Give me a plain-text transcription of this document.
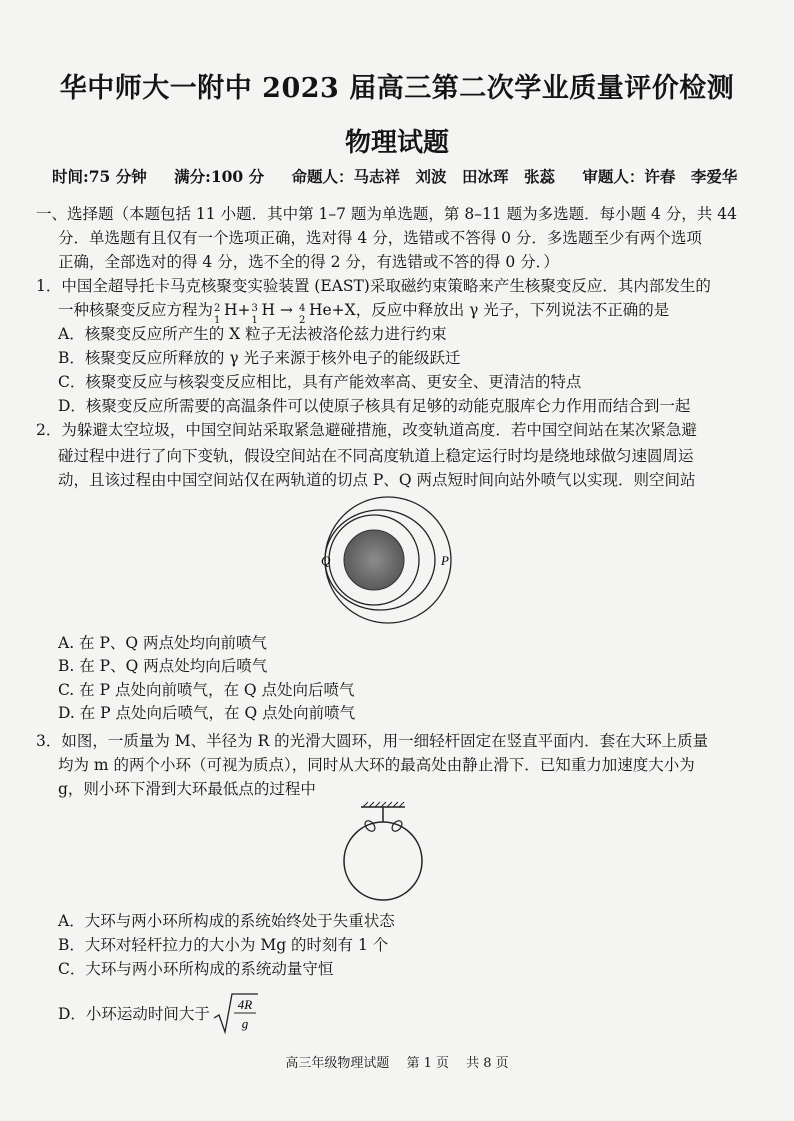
华中师大一附中 2023 届高三第二次学业质量评价检测
物理试题
时间:75 分钟 满分:100 分 命题人：马志祥　刘波　田冰珲　张蕊 审题人：许春　李爱华
一、选择题（本题包括 11 小题．其中第 1–7 题为单选题，第 8–11 题为多选题．每小题 4 分，共 44
分．单选题有且仅有一个选项正确，选对得 4 分，选错或不答得 0 分．多选题至少有两个选项
正确，全部选对的得 4 分，选不全的得 2 分，有选错或不答的得 0 分．）
1．中国全超导托卡马克核聚变实验装置 (EAST)采取磁约束策略来产生核聚变反应．其内部发生的
一种核聚变反应方程为 2
1
H+ 3
1
H → 4
2
He+X，反应中释放出 γ 光子，下列说法不正确的是
A．核聚变反应所产生的 X 粒子无法被洛伦兹力进行约束
B．核聚变反应所释放的 γ 光子来源于核外电子的能级跃迁
C．核聚变反应与核裂变反应相比，具有产能效率高、更安全、更清洁的特点
D．核聚变反应所需要的高温条件可以使原子核具有足够的动能克服库仑力作用而结合到一起
2．为躲避太空垃圾，中国空间站采取紧急避碰措施，改变轨道高度．若中国空间站在某次紧急避
碰过程中进行了向下变轨，假设空间站在不同高度轨道上稳定运行时均是绕地球做匀速圆周运
动，且该过程由中国空间站仅在两轨道的切点 P、Q 两点短时间向站外喷气以实现．则空间站
Q	P
A. 在 P、Q 两点处均向前喷气
B. 在 P、Q 两点处均向后喷气
C. 在 P 点处向前喷气，在 Q 点处向后喷气
D. 在 P 点处向后喷气，在 Q 点处向前喷气
3．如图，一质量为 M、半径为 R 的光滑大圆环，用一细轻杆固定在竖直平面内．套在大环上质量
均为 m 的两个小环（可视为质点），同时从大环的最高处由静止滑下．已知重力加速度大小为
g，则小环下滑到大环最低点的过程中
A．大环与两小环所构成的系统始终处于失重状态
B．大环对轻杆拉力的大小为 Mg 的时刻有 1 个
C．大环与两小环所构成的系统动量守恒
D．小环运动时间大于
4R
g
高三年级物理试题　 第 1 页　 共 8 页
